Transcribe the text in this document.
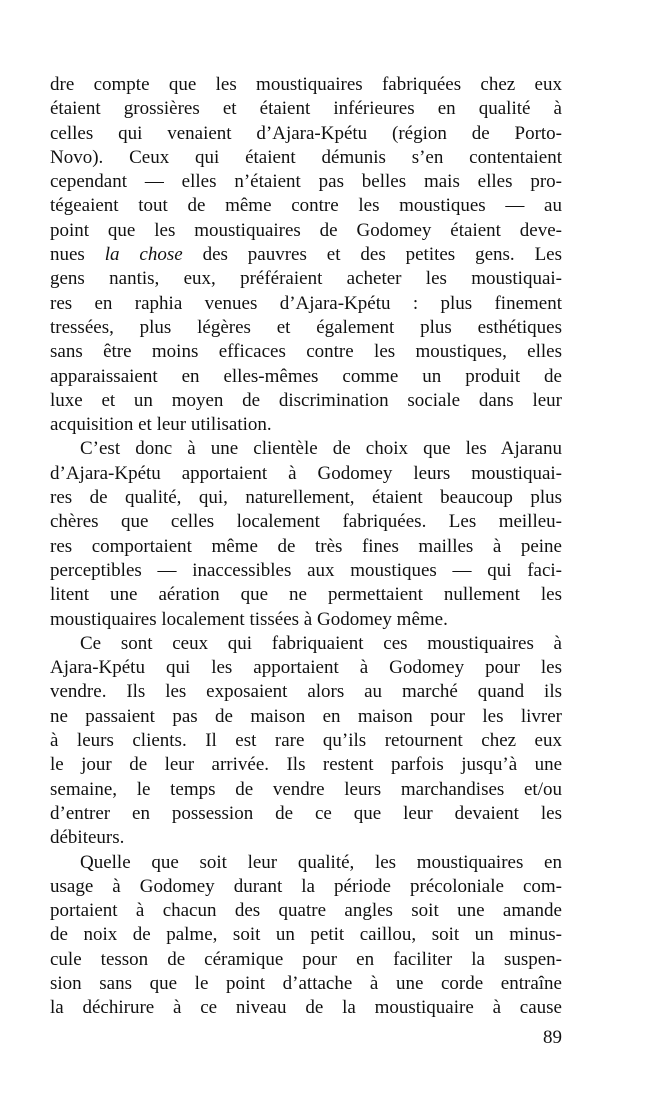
dre compte que les moustiquaires fabriquées chez eux
étaient grossières et étaient inférieures en qualité à
celles qui venaient d’Ajara-Kpétu (région de Porto-
Novo). Ceux qui étaient démunis s’en contentaient
cependant — elles n’étaient pas belles mais elles pro-
tégeaient tout de même contre les moustiques — au
point que les moustiquaires de Godomey étaient deve-
nues la chose des pauvres et des petites gens. Les
gens nantis, eux, préféraient acheter les moustiquai-
res en raphia venues d’Ajara-Kpétu : plus finement
tressées, plus légères et également plus esthétiques
sans être moins efficaces contre les moustiques, elles
apparaissaient en elles-mêmes comme un produit de
luxe et un moyen de discrimination sociale dans leur
acquisition et leur utilisation.
C’est donc à une clientèle de choix que les Ajaranu
d’Ajara-Kpétu apportaient à Godomey leurs moustiquai-
res de qualité, qui, naturellement, étaient beaucoup plus
chères que celles localement fabriquées. Les meilleu-
res comportaient même de très fines mailles à peine
perceptibles — inaccessibles aux moustiques — qui faci-
litent une aération que ne permettaient nullement les
moustiquaires localement tissées à Godomey même.
Ce sont ceux qui fabriquaient ces moustiquaires à
Ajara-Kpétu qui les apportaient à Godomey pour les
vendre. Ils les exposaient alors au marché quand ils
ne passaient pas de maison en maison pour les livrer
à leurs clients. Il est rare qu’ils retournent chez eux
le jour de leur arrivée. Ils restent parfois jusqu’à une
semaine, le temps de vendre leurs marchandises et/ou
d’entrer en possession de ce que leur devaient les
débiteurs.
Quelle que soit leur qualité, les moustiquaires en
usage à Godomey durant la période précoloniale com-
portaient à chacun des quatre angles soit une amande
de noix de palme, soit un petit caillou, soit un minus-
cule tesson de céramique pour en faciliter la suspen-
sion sans que le point d’attache à une corde entraîne
la déchirure à ce niveau de la moustiquaire à cause
89
